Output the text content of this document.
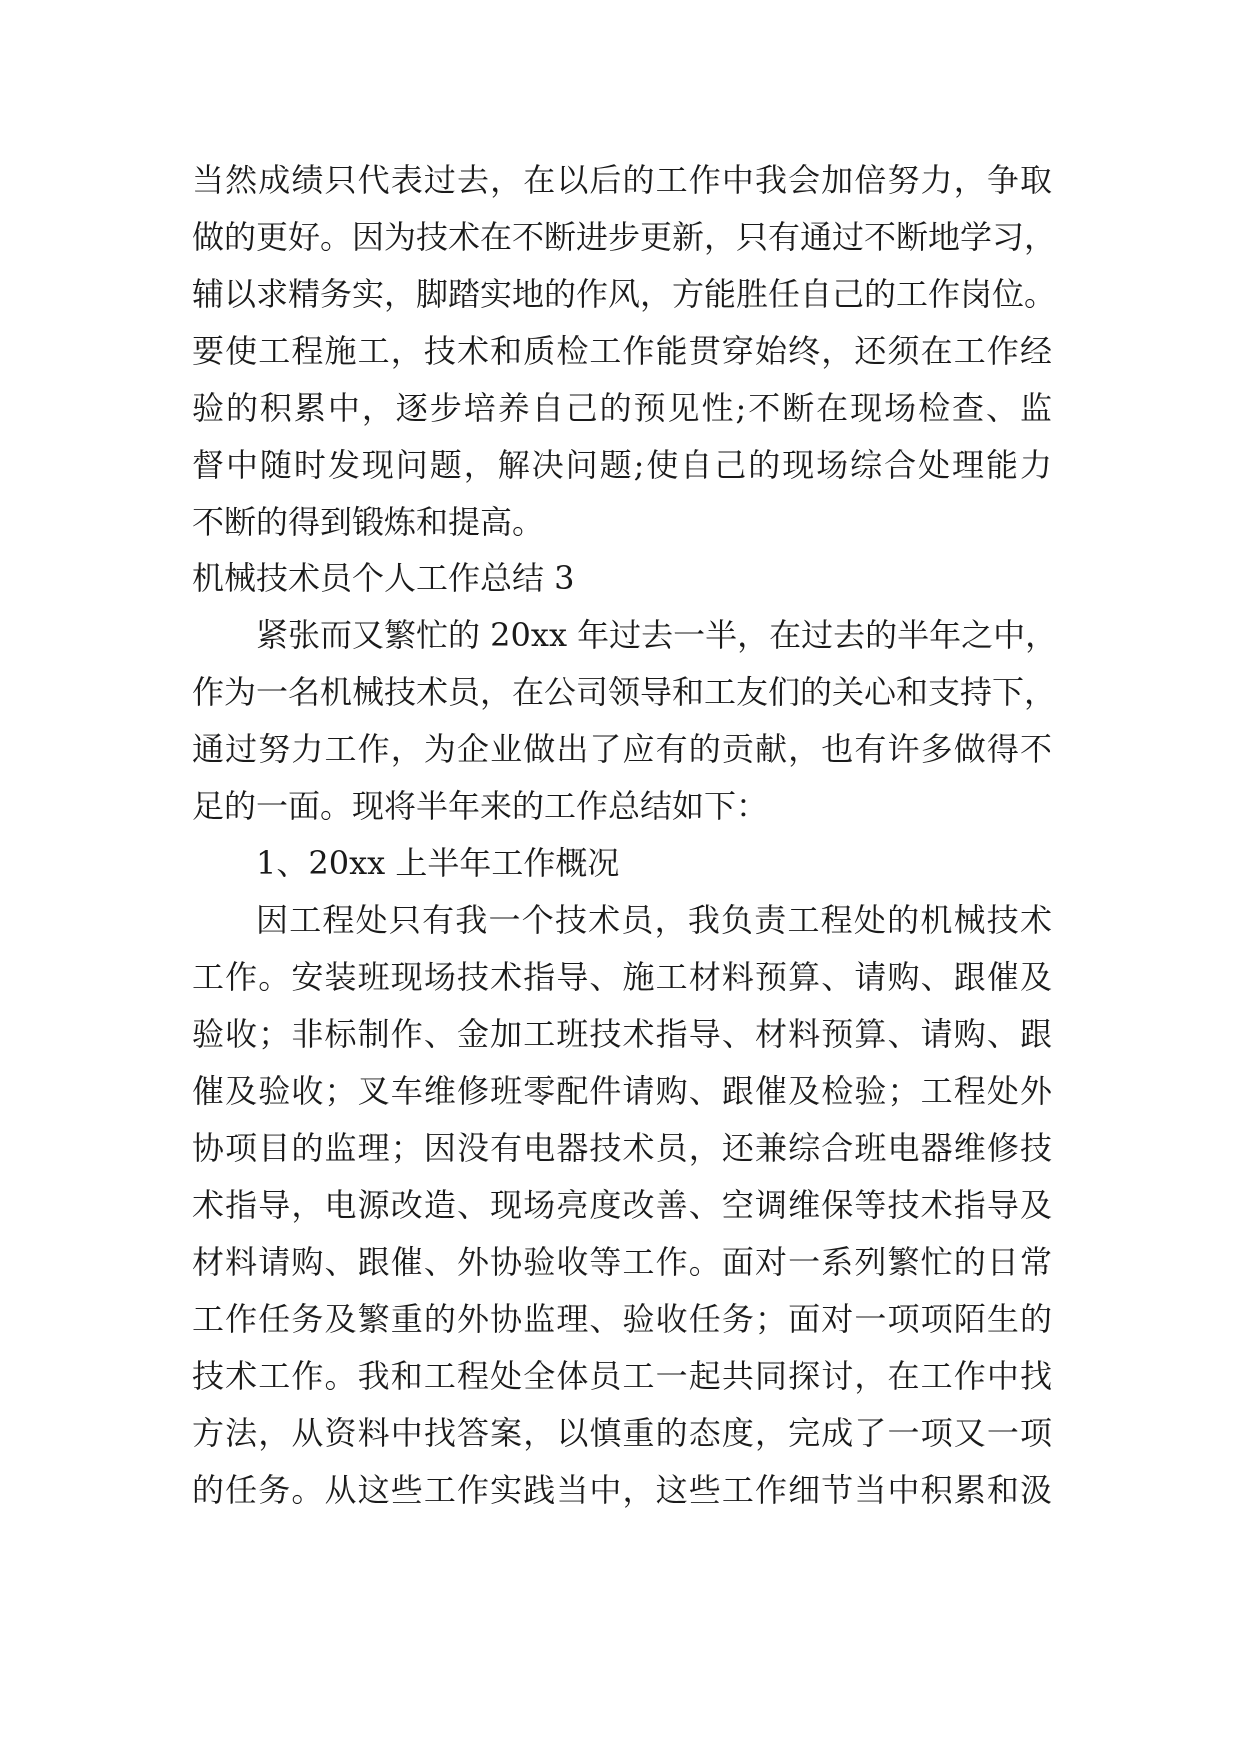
当然成绩只代表过去，在以后的工作中我会加倍努力，争取
做的更好。因为技术在不断进步更新，只有通过不断地学习，
辅以求精务实，脚踏实地的作风，方能胜任自己的工作岗位。
要使工程施工，技术和质检工作能贯穿始终，还须在工作经
验的积累中，逐步培养自己的预见性;不断在现场检查、监
督中随时发现问题，解决问题;使自己的现场综合处理能力
不断的得到锻炼和提高。
机械技术员个人工作总结 3
紧张而又繁忙的 20xx 年过去一半，在过去的半年之中，
作为一名机械技术员，在公司领导和工友们的关心和支持下，
通过努力工作，为企业做出了应有的贡献，也有许多做得不
足的一面。现将半年来的工作总结如下：
1、20xx 上半年工作概况
因工程处只有我一个技术员，我负责工程处的机械技术
工作。安装班现场技术指导、施工材料预算、请购、跟催及
验收；非标制作、金加工班技术指导、材料预算、请购、跟
催及验收；叉车维修班零配件请购、跟催及检验；工程处外
协项目的监理；因没有电器技术员，还兼综合班电器维修技
术指导，电源改造、现场亮度改善、空调维保等技术指导及
材料请购、跟催、外协验收等工作。面对一系列繁忙的日常
工作任务及繁重的外协监理、验收任务；面对一项项陌生的
技术工作。我和工程处全体员工一起共同探讨，在工作中找
方法，从资料中找答案，以慎重的态度，完成了一项又一项
的任务。从这些工作实践当中，这些工作细节当中积累和汲
